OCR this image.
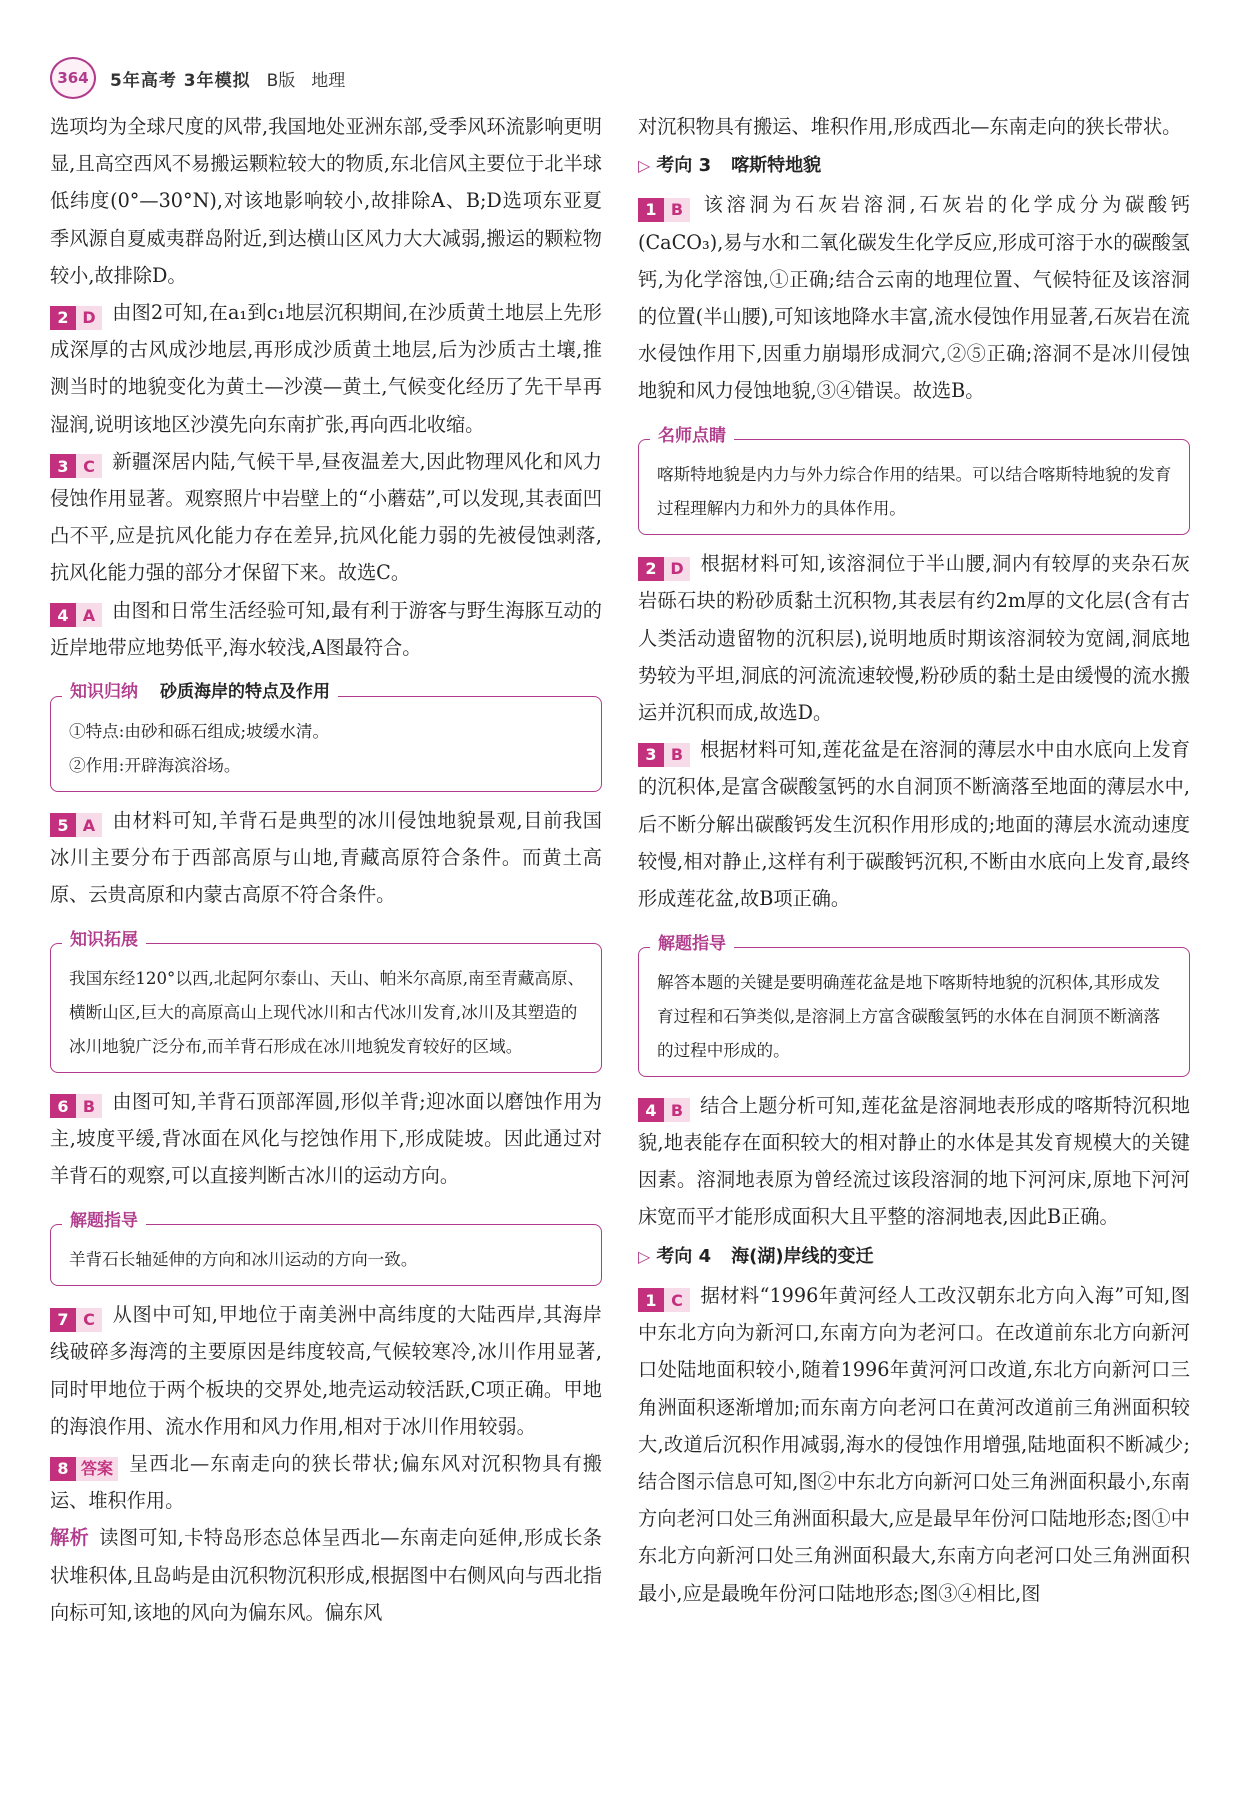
364	5年高考 3年模拟 B版 地理
选项均为全球尺度的风带,我国地处亚洲东部,受季风环流影响更明显,且高空西风不易搬运颗粒较大的物质,东北信风主要位于北半球低纬度(0°—30°N),对该地影响较小,故排除A、B;D选项东亚夏季风源自夏威夷群岛附近,到达横山区风力大大减弱,搬运的颗粒物较小,故排除D。
2 D 由图2可知,在a₁到c₁地层沉积期间,在沙质黄土地层上先形成深厚的古风成沙地层,再形成沙质黄土地层,后为沙质古土壤,推测当时的地貌变化为黄土—沙漠—黄土,气候变化经历了先干旱再湿润,说明该地区沙漠先向东南扩张,再向西北收缩。
3 C 新疆深居内陆,气候干旱,昼夜温差大,因此物理风化和风力侵蚀作用显著。观察照片中岩壁上的“小蘑菇”,可以发现,其表面凹凸不平,应是抗风化能力存在差异,抗风化能力弱的先被侵蚀剥落,抗风化能力强的部分才保留下来。故选C。
4 A 由图和日常生活经验可知,最有利于游客与野生海豚互动的近岸地带应地势低平,海水较浅,A图最符合。
知识归纳 砂质海岸的特点及作用
①特点:由砂和砾石组成;坡缓水清。
②作用:开辟海滨浴场。
5 A 由材料可知,羊背石是典型的冰川侵蚀地貌景观,目前我国冰川主要分布于西部高原与山地,青藏高原符合条件。而黄土高原、云贵高原和内蒙古高原不符合条件。
知识拓展
我国东经120°以西,北起阿尔泰山、天山、帕米尔高原,南至青藏高原、横断山区,巨大的高原高山上现代冰川和古代冰川发育,冰川及其塑造的冰川地貌广泛分布,而羊背石形成在冰川地貌发育较好的区域。
6 B 由图可知,羊背石顶部浑圆,形似羊背;迎冰面以磨蚀作用为主,坡度平缓,背冰面在风化与挖蚀作用下,形成陡坡。因此通过对羊背石的观察,可以直接判断古冰川的运动方向。
解题指导
羊背石长轴延伸的方向和冰川运动的方向一致。
7 C 从图中可知,甲地位于南美洲中高纬度的大陆西岸,其海岸线破碎多海湾的主要原因是纬度较高,气候较寒冷,冰川作用显著,同时甲地位于两个板块的交界处,地壳运动较活跃,C项正确。甲地的海浪作用、流水作用和风力作用,相对于冰川作用较弱。
8 答案 呈西北—东南走向的狭长带状;偏东风对沉积物具有搬运、堆积作用。
解析 读图可知,卡特岛形态总体呈西北—东南走向延伸,形成长条状堆积体,且岛屿是由沉积物沉积形成,根据图中右侧风向与西北指向标可知,该地的风向为偏东风。偏东风
对沉积物具有搬运、堆积作用,形成西北—东南走向的狭长带状。
▷ 考向 3 喀斯特地貌
1 B 该溶洞为石灰岩溶洞,石灰岩的化学成分为碳酸钙(CaCO₃),易与水和二氧化碳发生化学反应,形成可溶于水的碳酸氢钙,为化学溶蚀,①正确;结合云南的地理位置、气候特征及该溶洞的位置(半山腰),可知该地降水丰富,流水侵蚀作用显著,石灰岩在流水侵蚀作用下,因重力崩塌形成洞穴,②⑤正确;溶洞不是冰川侵蚀地貌和风力侵蚀地貌,③④错误。故选B。
名师点睛
喀斯特地貌是内力与外力综合作用的结果。可以结合喀斯特地貌的发育过程理解内力和外力的具体作用。
2 D 根据材料可知,该溶洞位于半山腰,洞内有较厚的夹杂石灰岩砾石块的粉砂质黏土沉积物,其表层有约2m厚的文化层(含有古人类活动遗留物的沉积层),说明地质时期该溶洞较为宽阔,洞底地势较为平坦,洞底的河流流速较慢,粉砂质的黏土是由缓慢的流水搬运并沉积而成,故选D。
3 B 根据材料可知,莲花盆是在溶洞的薄层水中由水底向上发育的沉积体,是富含碳酸氢钙的水自洞顶不断滴落至地面的薄层水中,后不断分解出碳酸钙发生沉积作用形成的;地面的薄层水流动速度较慢,相对静止,这样有利于碳酸钙沉积,不断由水底向上发育,最终形成莲花盆,故B项正确。
解题指导
解答本题的关键是要明确莲花盆是地下喀斯特地貌的沉积体,其形成发育过程和石笋类似,是溶洞上方富含碳酸氢钙的水体在自洞顶不断滴落的过程中形成的。
4 B 结合上题分析可知,莲花盆是溶洞地表形成的喀斯特沉积地貌,地表能存在面积较大的相对静止的水体是其发育规模大的关键因素。溶洞地表原为曾经流过该段溶洞的地下河河床,原地下河河床宽而平才能形成面积大且平整的溶洞地表,因此B正确。
▷ 考向 4 海(湖)岸线的变迁
1 C 据材料“1996年黄河经人工改汉朝东北方向入海”可知,图中东北方向为新河口,东南方向为老河口。在改道前东北方向新河口处陆地面积较小,随着1996年黄河河口改道,东北方向新河口三角洲面积逐渐增加;而东南方向老河口在黄河改道前三角洲面积较大,改道后沉积作用减弱,海水的侵蚀作用增强,陆地面积不断减少;结合图示信息可知,图②中东北方向新河口处三角洲面积最小,东南方向老河口处三角洲面积最大,应是最早年份河口陆地形态;图①中东北方向新河口处三角洲面积最大,东南方向老河口处三角洲面积最小,应是最晚年份河口陆地形态;图③④相比,图
